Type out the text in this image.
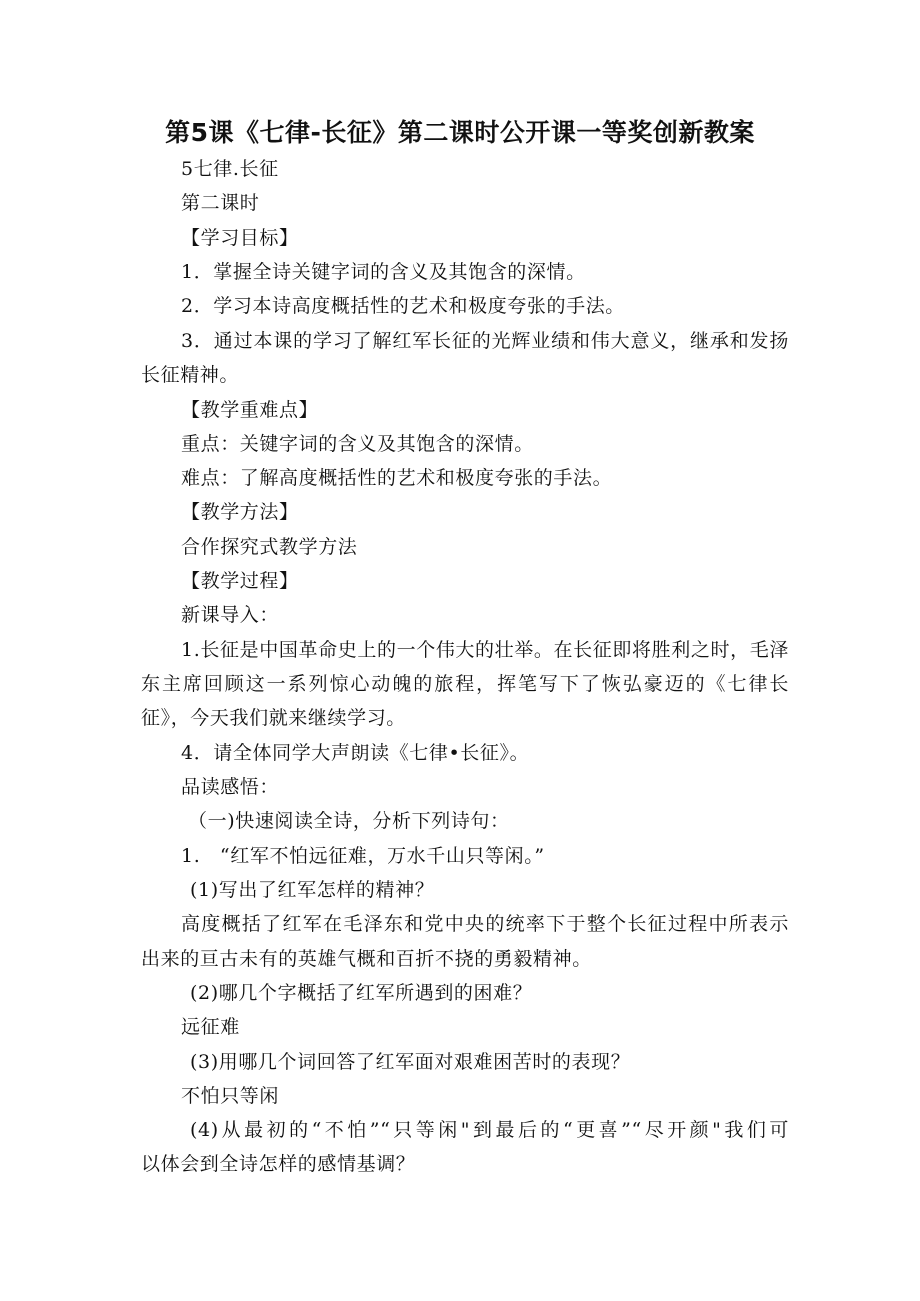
第5课《七律-长征》第二课时公开课一等奖创新教案
5七律.长征
第二课时
【学习目标】
1．掌握全诗关键字词的含义及其饱含的深情。
2．学习本诗高度概括性的艺术和极度夸张的手法。
3．通过本课的学习了解红军长征的光辉业绩和伟大意义，继承和发扬
长征精神。
【教学重难点】
重点：关键字词的含义及其饱含的深情。
难点：了解高度概括性的艺术和极度夸张的手法。
【教学方法】
合作探究式教学方法
【教学过程】
新课导入：
1.长征是中国革命史上的一个伟大的壮举。在长征即将胜利之时，毛泽
东主席回顾这一系列惊心动魄的旅程，挥笔写下了恢弘豪迈的《七律长
征》，今天我们就来继续学习。
4．请全体同学大声朗读《七律•长征》。
品读感悟：
（一)快速阅读全诗，分析下列诗句：
1.　“红军不怕远征难，万水千山只等闲。”
(1)写出了红军怎样的精神？
高度概括了红军在毛泽东和党中央的统率下于整个长征过程中所表示
出来的亘古未有的英雄气概和百折不挠的勇毅精神。
(2)哪几个字概括了红军所遇到的困难？
远征难
(3)用哪几个词回答了红军面对艰难困苦时的表现？
不怕只等闲
(4)从最初的“不怕”“只等闲"到最后的“更喜”“尽开颜"我们可
以体会到全诗怎样的感情基调？
